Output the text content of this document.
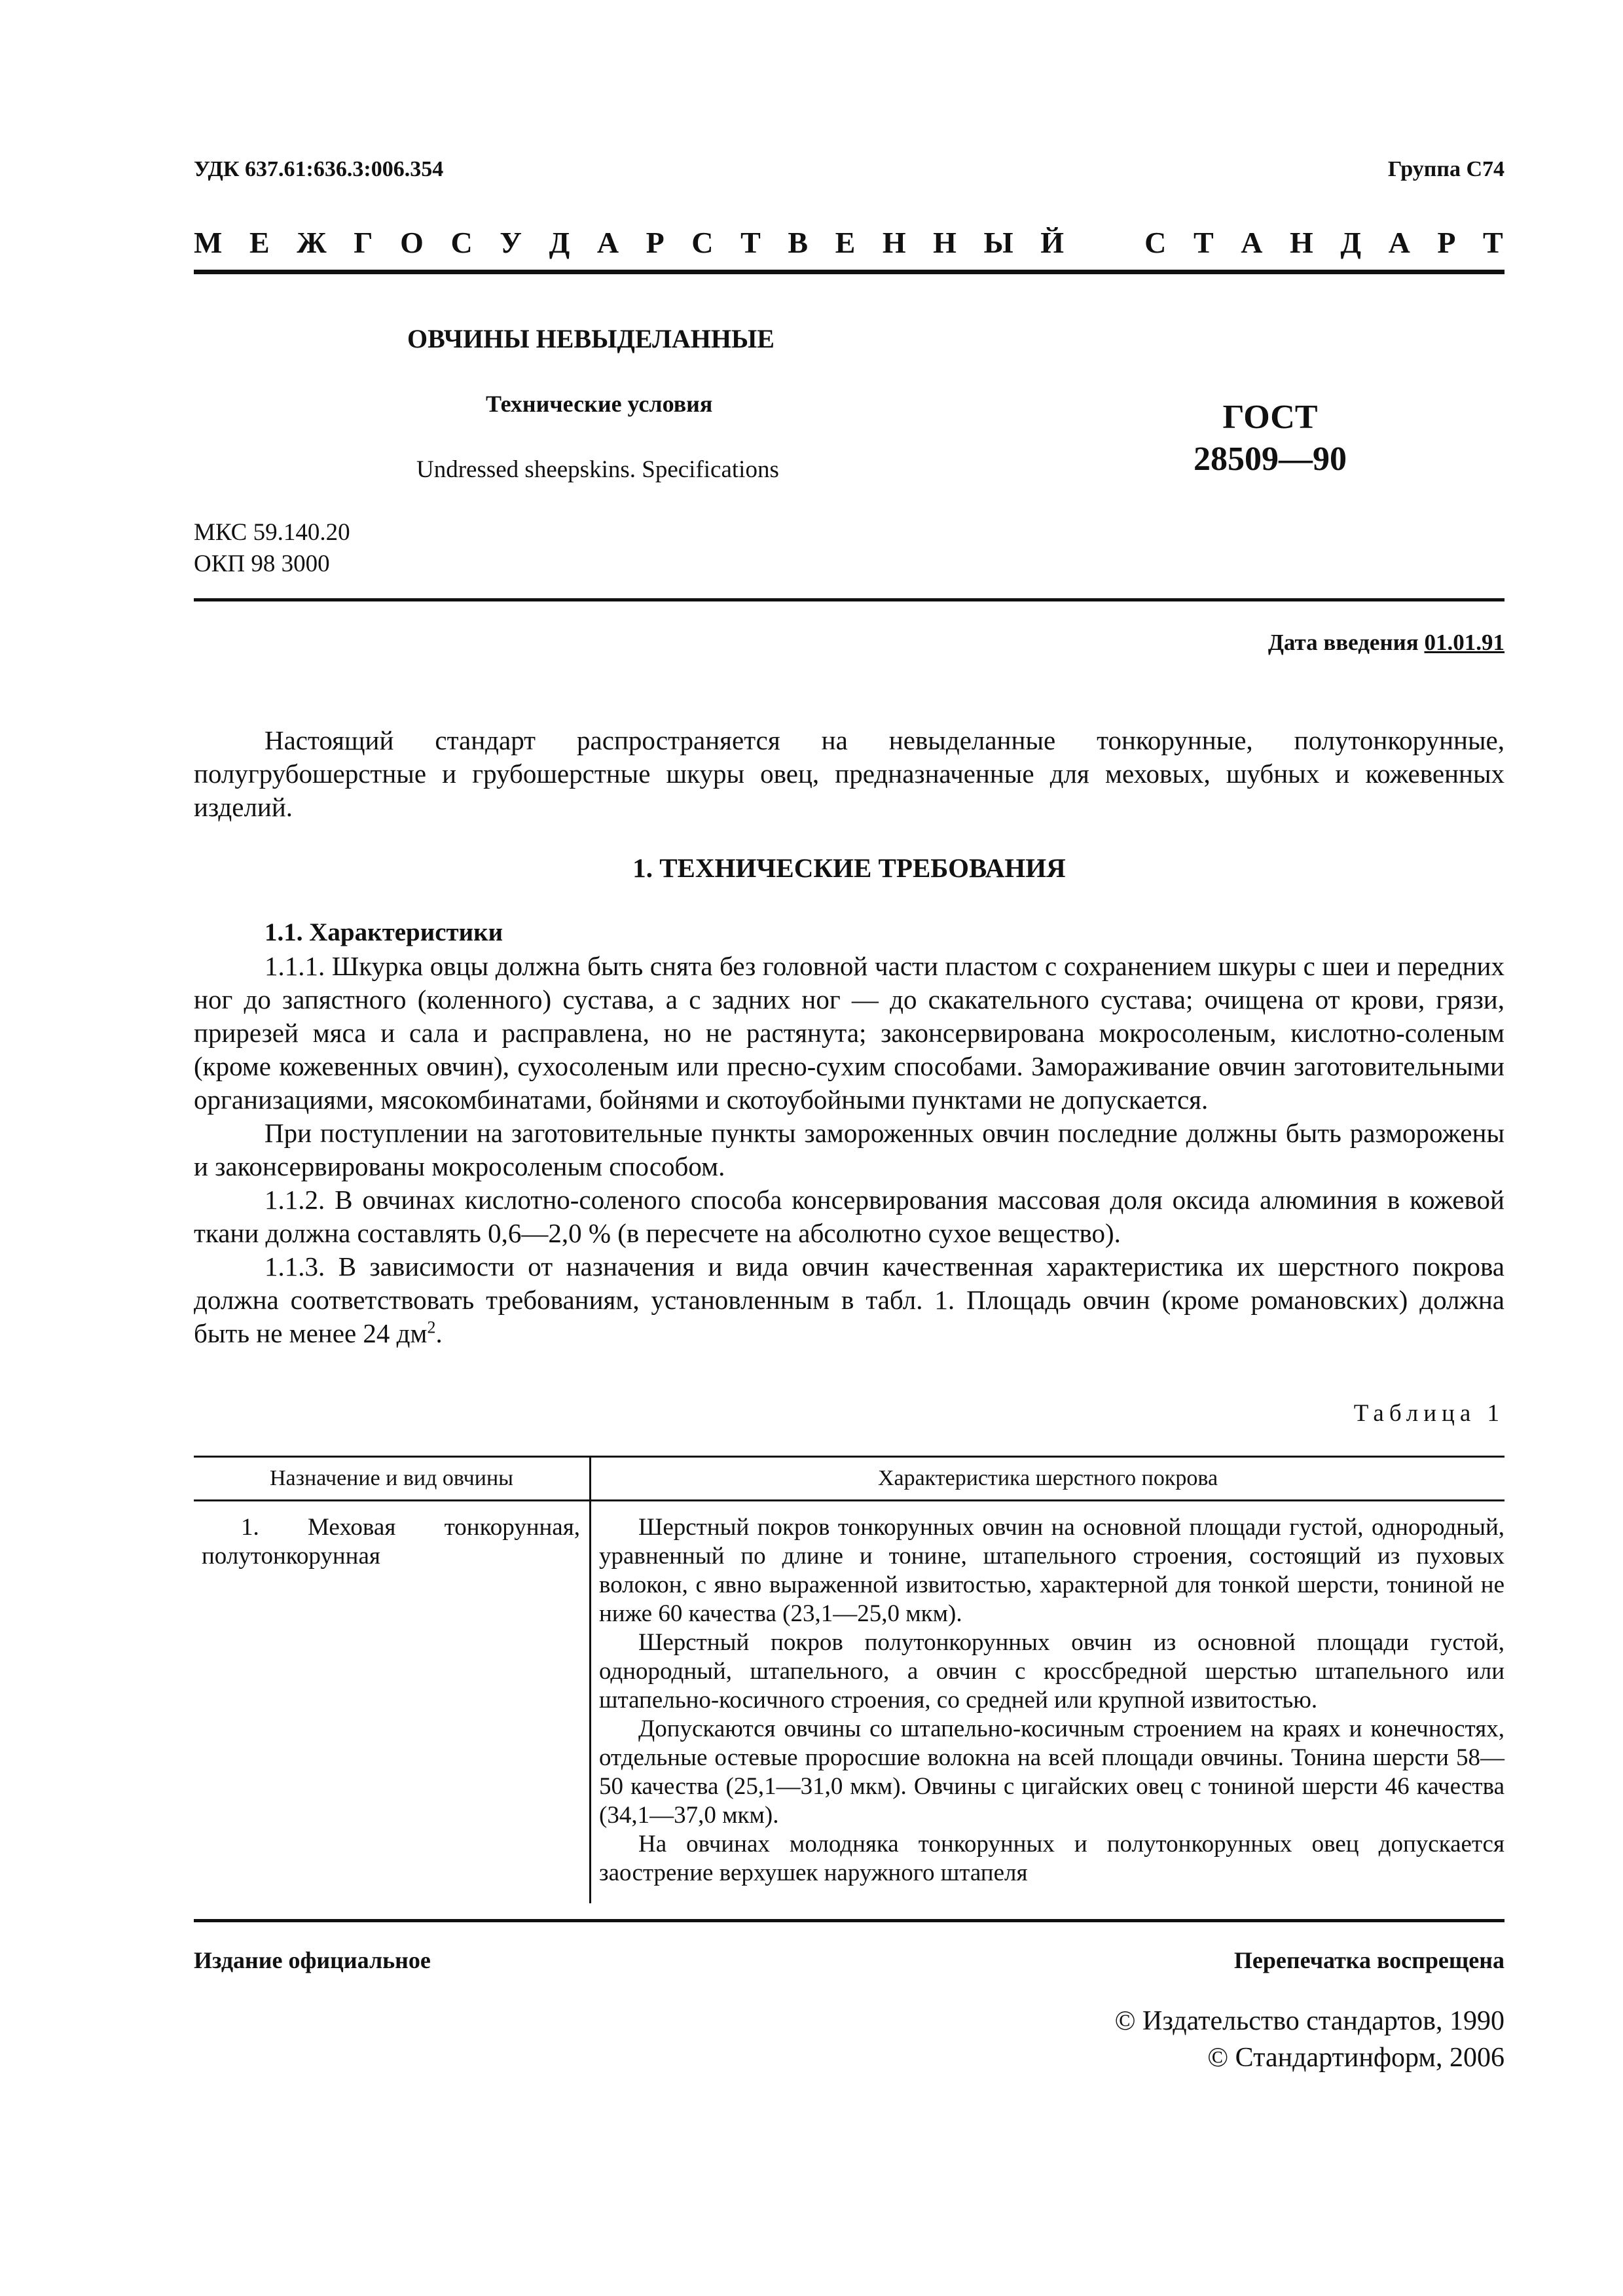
УДК 637.61:636.3:006.354	Группа С74
М Е Ж Г О С У Д А Р С Т В Е Н Н Ы Й	С Т А Н Д А Р Т
ОВЧИНЫ НЕВЫДЕЛАННЫЕ
Технические условия
Undressed sheepskins. Specifications
ГОСТ
28509—90
МКС 59.140.20
ОКП 98 3000
Дата введения 01.01.91

Настоящий стандарт распространяется на невыделанные тонкорунные, полутонкорунные, полугрубошерстные и грубошерстные шкуры овец, предназначенные для меховых, шубных и кожевенных изделий.

1. ТЕХНИЧЕСКИЕ ТРЕБОВАНИЯ
1.1. Характеристики

1.1.1. Шкурка овцы должна быть снята без головной части пластом с сохранением шкуры с шеи и передних ног до запястного (коленного) сустава, а с задних ног — до скакательного сустава; очищена от крови, грязи, прирезей мяса и сала и расправлена, но не растянута; законсервирована мокросоленым, кислотно-соленым (кроме кожевенных овчин), сухосоленым или пресно-сухим способами. Замораживание овчин заготовительными организациями, мясокомбинатами, бойнями и скотоубойными пунктами не допускается.

При поступлении на заготовительные пункты замороженных овчин последние должны быть разморожены и законсервированы мокросоленым способом.

1.1.2. В овчинах кислотно-соленого способа консервирования массовая доля оксида алюминия в кожевой ткани должна составлять 0,6—2,0 % (в пересчете на абсолютно сухое вещество).

1.1.3. В зависимости от назначения и вида овчин качественная характеристика их шерстного покрова должна соответствовать требованиям, установленным в табл. 1. Площадь овчин (кроме романовских) должна быть не менее 24 $дм^2$.

Таблица 1
Назначение и вид овчины	Характеристика шерстного покрова

1. Меховая тонкорунная, полутонкорунная	Шерстный покров тонкорунных овчин на основной площади густой, однородный, уравненный по длине и тонине, штапельного строения, состоящий из пуховых волокон, с явно выраженной извитостью, характерной для тонкой шерсти, тониной не ниже 60 качества (23,1—25,0 мкм).

Шерстный покров полутонкорунных овчин из основной площади густой, однородный, штапельного, а овчин с кроссбредной шерстью штапельного или штапельно-косичного строения, со средней или крупной извитостью.

Допускаются овчины со штапельно-косичным строением на краях и конечностях, отдельные остевые проросшие волокна на всей площади овчины. Тонина шерсти 58—50 качества (25,1—31,0 мкм). Овчины с цигайских овец с тониной шерсти 46 качества (34,1—37,0 мкм).

На овчинах молодняка тонкорунных и полутонкорунных овец допускается заострение верхушек наружного штапеля

Издание официальное	Перепечатка воспрещена
© Издательство стандартов, 1990
© Стандартинформ, 2006
